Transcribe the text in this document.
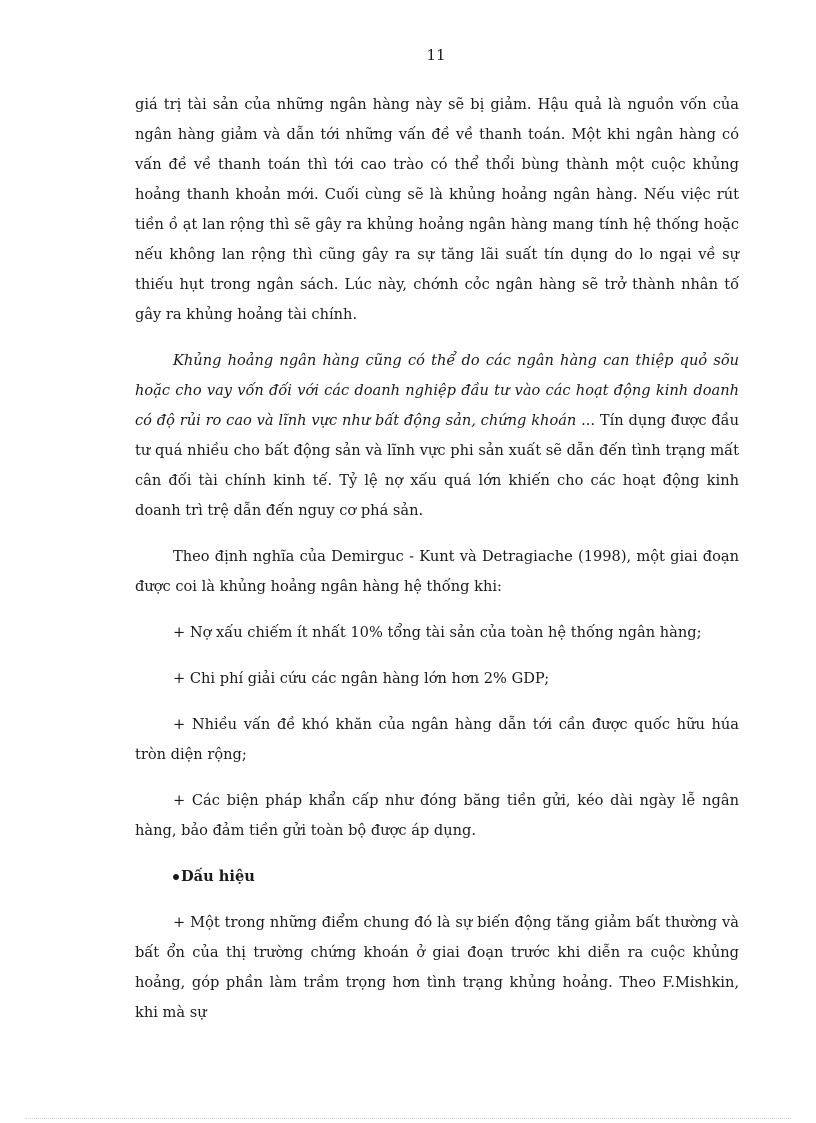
11

giá trị tài sản của những ngân hàng này sẽ bị giảm. Hậu quả là nguồn vốn của ngân hàng giảm và dẫn tới những vấn đề về thanh toán. Một khi ngân hàng có vấn đề về thanh toán thì tới cao trào có thể thổi bùng thành một cuộc khủng hoảng thanh khoản mới. Cuối cùng sẽ là khủng hoảng ngân hàng. Nếu việc rút tiền ồ ạt lan rộng thì sẽ gây ra khủng hoảng ngân hàng mang tính hệ thống hoặc nếu không lan rộng thì cũng gây ra sự tăng lãi suất tín dụng do lo ngại về sự thiếu hụt trong ngân sách. Lúc này, chớnh cỏc ngân hàng sẽ trở thành nhân tố gây ra khủng hoảng tài chính.

Khủng hoảng ngân hàng cũng có thể do các ngân hàng can thiệp quỏ sõu hoặc cho vay vốn đối với các doanh nghiệp đầu tư vào các hoạt động kinh doanh có độ rủi ro cao và lĩnh vực như bất động sản, chứng khoán ... Tín dụng được đầu tư quá nhiều cho bất động sản và lĩnh vực phi sản xuất sẽ dẫn đến tình trạng mất cân đối tài chính kinh tế. Tỷ lệ nợ xấu quá lớn khiến cho các hoạt động kinh doanh trì trệ dẫn đến nguy cơ phá sản.

Theo định nghĩa của Demirguc - Kunt và Detragiache (1998), một giai đoạn được coi là khủng hoảng ngân hàng hệ thống khi:

+ Nợ xấu chiếm ít nhất 10% tổng tài sản của toàn hệ thống ngân hàng;

+ Chi phí giải cứu các ngân hàng lớn hơn 2% GDP;

+ Nhiều vấn đề khó khăn của ngân hàng dẫn tới cần được quốc hữu húa tròn diện rộng;

+ Các biện pháp khẩn cấp như đóng băng tiền gửi, kéo dài ngày lễ ngân hàng, bảo đảm tiền gửi toàn bộ được áp dụng.

Dấu hiệu

+ Một trong những điểm chung đó là sự biến động tăng giảm bất thường và bất ổn của thị trường chứng khoán ở giai đoạn trước khi diễn ra cuộc khủng hoảng, góp phần làm trầm trọng hơn tình trạng khủng hoảng. Theo F.Mishkin, khi mà sự
